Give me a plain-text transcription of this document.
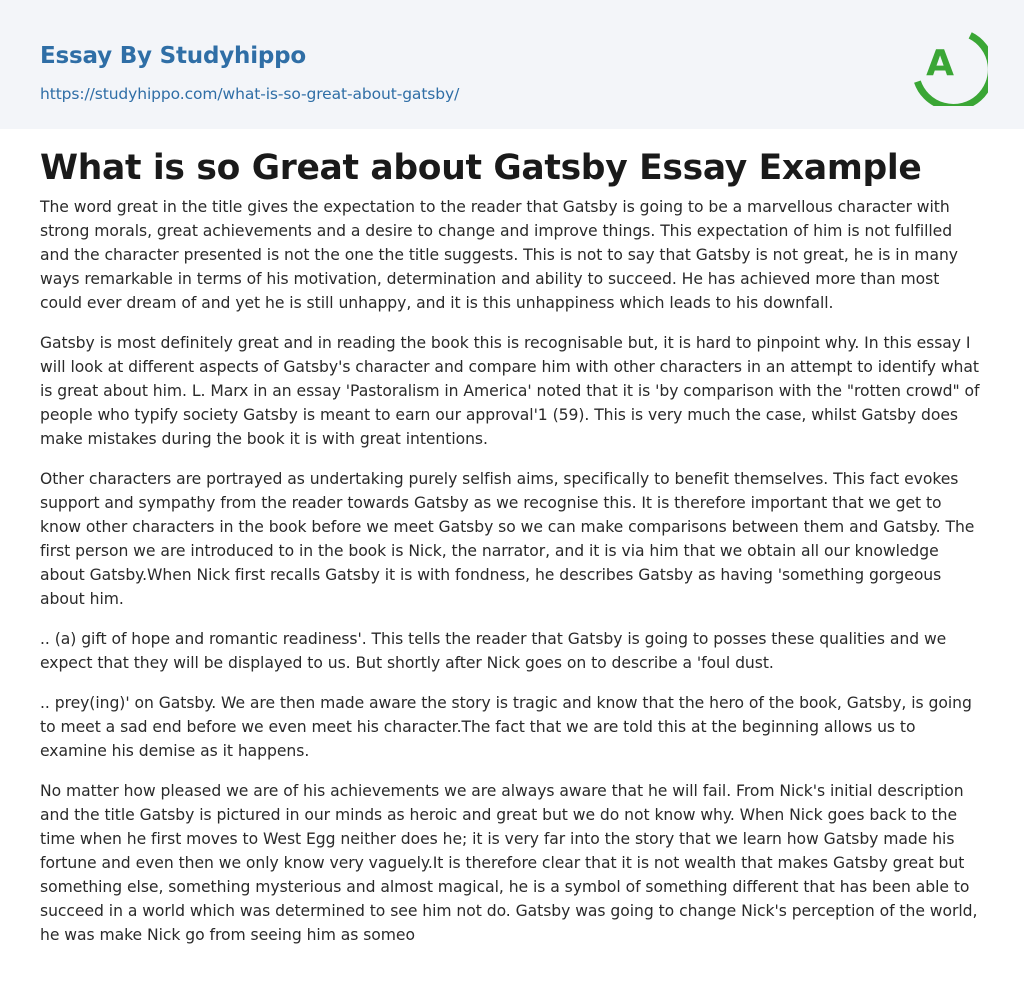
Essay By Studyhippo
https://studyhippo.com/what-is-so-great-about-gatsby/
A
What is so Great about Gatsby Essay Example

The word great in the title gives the expectation to the reader that Gatsby is going to be a marvellous character with strong morals, great achievements and a desire to change and improve things. This expectation of him is not fulfilled and the character presented is not the one the title suggests. This is not to say that Gatsby is not great, he is in many ways remarkable in terms of his motivation, determination and ability to succeed. He has achieved more than most could ever dream of and yet he is still unhappy, and it is this unhappiness which leads to his downfall.

Gatsby is most definitely great and in reading the book this is recognisable but, it is hard to pinpoint why. In this essay I will look at different aspects of Gatsby's character and compare him with other characters in an attempt to identify what is great about him. L. Marx in an essay 'Pastoralism in America' noted that it is 'by comparison with the "rotten crowd" of people who typify society Gatsby is meant to earn our approval'1 (59). This is very much the case, whilst Gatsby does make mistakes during the book it is with great intentions.

Other characters are portrayed as undertaking purely selfish aims, specifically to benefit themselves. This fact evokes support and sympathy from the reader towards Gatsby as we recognise this. It is therefore important that we get to know other characters in the book before we meet Gatsby so we can make comparisons between them and Gatsby. The first person we are introduced to in the book is Nick, the narrator, and it is via him that we obtain all our knowledge about Gatsby.When Nick first recalls Gatsby it is with fondness, he describes Gatsby as having 'something gorgeous about him.

.. (a) gift of hope and romantic readiness'. This tells the reader that Gatsby is going to posses these qualities and we expect that they will be displayed to us. But shortly after Nick goes on to describe a 'foul dust.

.. prey(ing)' on Gatsby. We are then made aware the story is tragic and know that the hero of the book, Gatsby, is going to meet a sad end before we even meet his character.The fact that we are told this at the beginning allows us to examine his demise as it happens.

No matter how pleased we are of his achievements we are always aware that he will fail. From Nick's initial description and the title Gatsby is pictured in our minds as heroic and great but we do not know why. When Nick goes back to the time when he first moves to West Egg neither does he; it is very far into the story that we learn how Gatsby made his fortune and even then we only know very vaguely.It is therefore clear that it is not wealth that makes Gatsby great but something else, something mysterious and almost magical, he is a symbol of something different that has been able to succeed in a world which was determined to see him not do. Gatsby was going to change Nick's perception of the world, he was make Nick go from seeing him as someo
